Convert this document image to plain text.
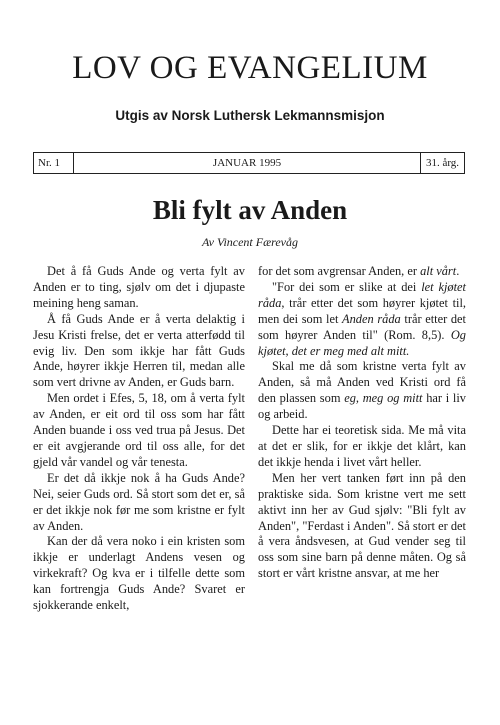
LOV OG EVANGELIUM
Utgis av Norsk Luthersk Lekmannsmisjon
Nr. 1	JANUAR 1995	31. årg.
Bli fylt av Anden
Av Vincent Færevåg

Det å få Guds Ande og verta fylt av Anden er to ting, sjølv om det i djupaste meining heng saman.

Å få Guds Ande er å verta delaktig i Jesu Kristi frelse, det er verta atterfødd til evig liv. Den som ikkje har fått Guds Ande, høyrer ikkje Herren til, medan alle som vert drivne av Anden, er Guds barn.

Men ordet i Efes, 5, 18, om å verta fylt av Anden, er eit ord til oss som har fått Anden buande i oss ved trua på Jesus. Det er eit avgjerande ord til oss alle, for det gjeld vår vandel og vår tenesta.

Er det då ikkje nok å ha Guds Ande? Nei, seier Guds ord. Så stort som det er, så er det ikkje nok før me som kristne er fylt av Anden.

Kan der då vera noko i ein kristen som ikkje er underlagt Andens vesen og virkekraft? Og kva er i tilfelle dette som kan fortrengja Guds Ande? Svaret er sjokkerande enkelt,

for det som avgrensar Anden, er alt vårt.

"For dei som er slike at dei let kjøtet råda, trår etter det som høyrer kjøtet til, men dei som let Anden råda trår etter det som høyrer Anden til" (Rom. 8,5). Og kjøtet, det er meg med alt mitt.

Skal me då som kristne verta fylt av Anden, så må Anden ved Kristi ord få den plassen som eg, meg og mitt har i liv og arbeid.

Dette har ei teoretisk sida. Me må vita at det er slik, for er ikkje det klårt, kan det ikkje henda i livet vårt heller.

Men her vert tanken ført inn på den praktiske sida. Som kristne vert me sett aktivt inn her av Gud sjølv: "Bli fylt av Anden", "Ferdast i Anden". Så stort er det å vera åndsvesen, at Gud vender seg til oss som sine barn på denne måten. Og så stort er vårt kristne ansvar, at me her
